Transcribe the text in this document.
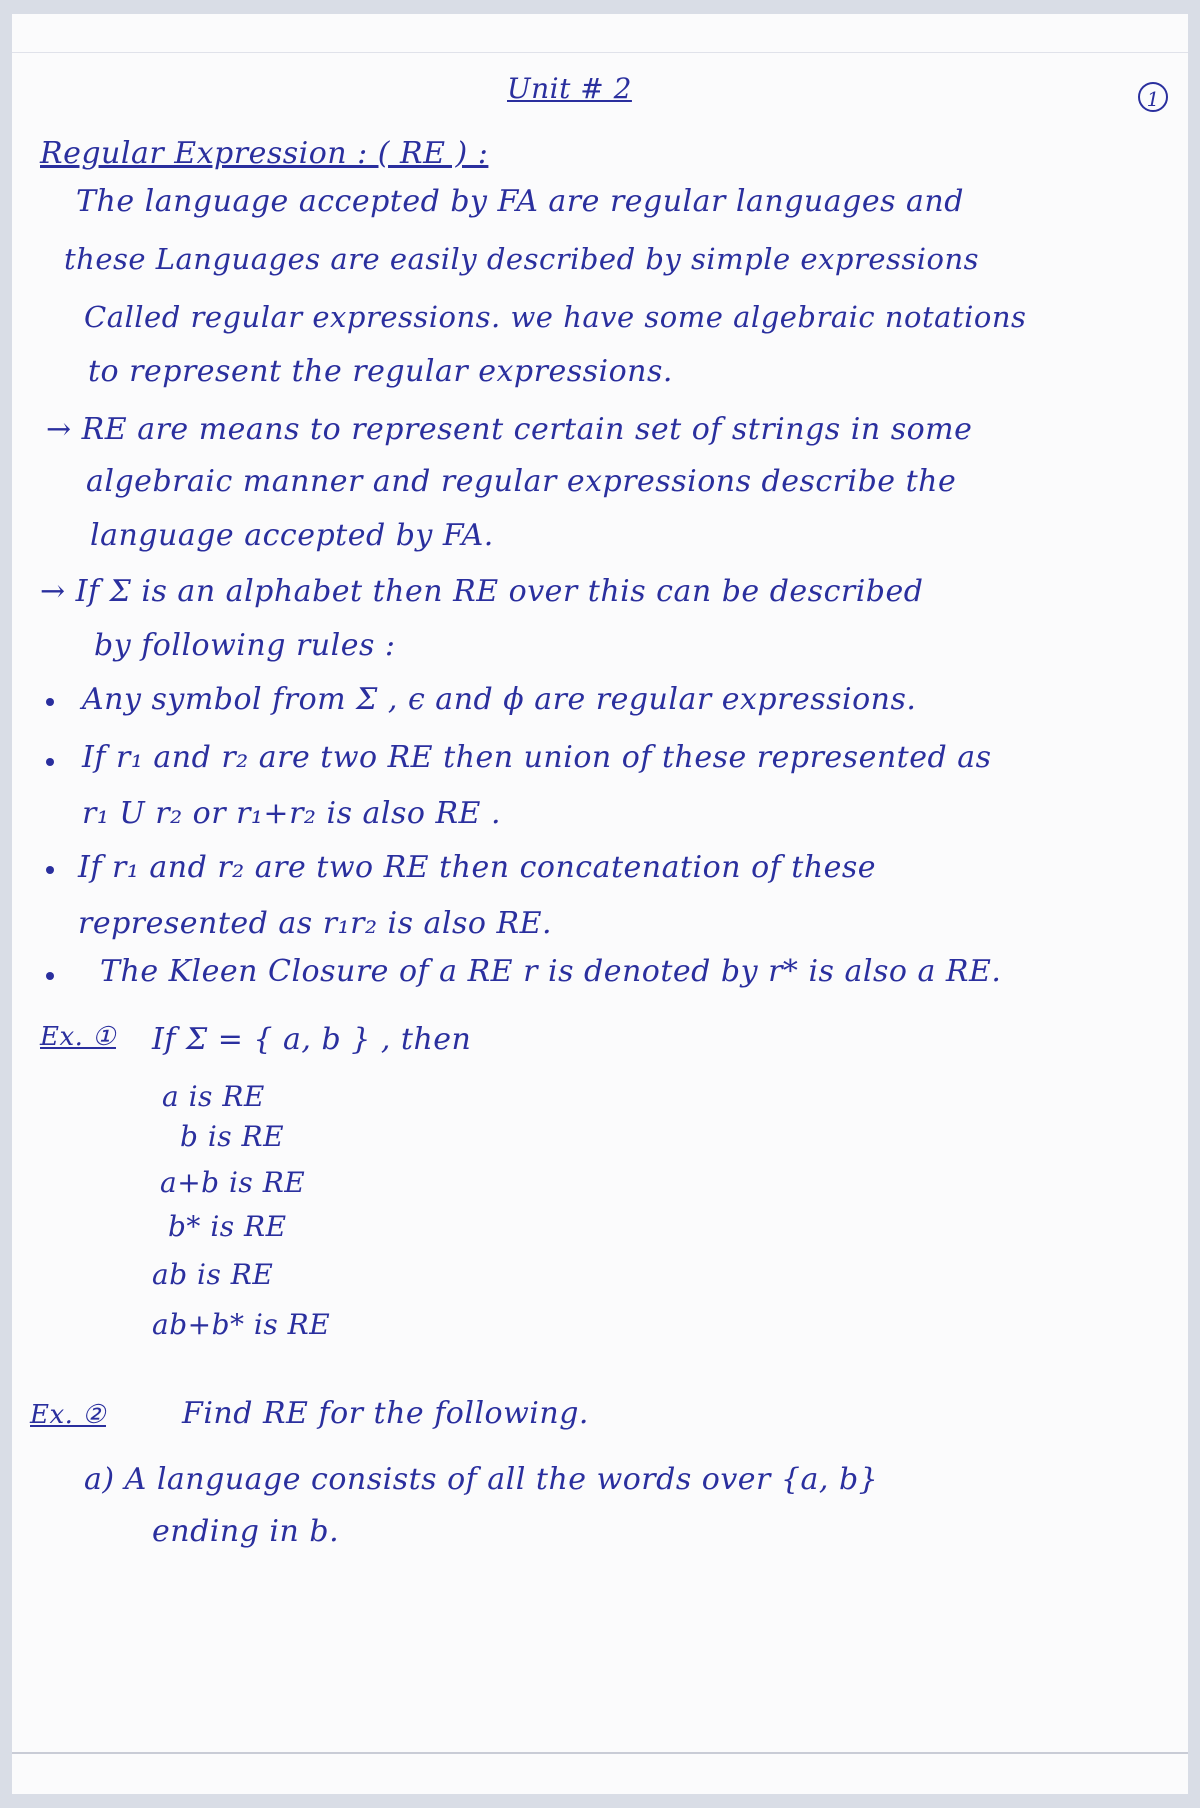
Unit # 2	1
Regular Expression : ( RE ) :
The language accepted by FA are regular languages and
these Languages are easily described by simple expressions
Called regular expressions. we have some algebraic notations
to represent the regular expressions.
→ RE are means to represent certain set of strings in some
algebraic manner and regular expressions describe the
language accepted by FA.
→ If Σ is an alphabet then RE over this can be described
by following rules :
Any symbol from Σ , ϵ and ϕ are regular expressions.
If r₁ and r₂ are two RE then union of these represented as
r₁ U r₂ or r₁+r₂ is also RE .
If r₁ and r₂ are two RE then concatenation of these
represented as r₁r₂ is also RE.
The Kleen Closure of a RE r is denoted by r* is also a RE.
Ex. ① If Σ = { a, b } , then
a is RE
b is RE
a+b is RE
b* is RE
ab is RE
ab+b* is RE
Ex. ②	Find RE for the following.
a) A language consists of all the words over {a, b}
ending in b.
